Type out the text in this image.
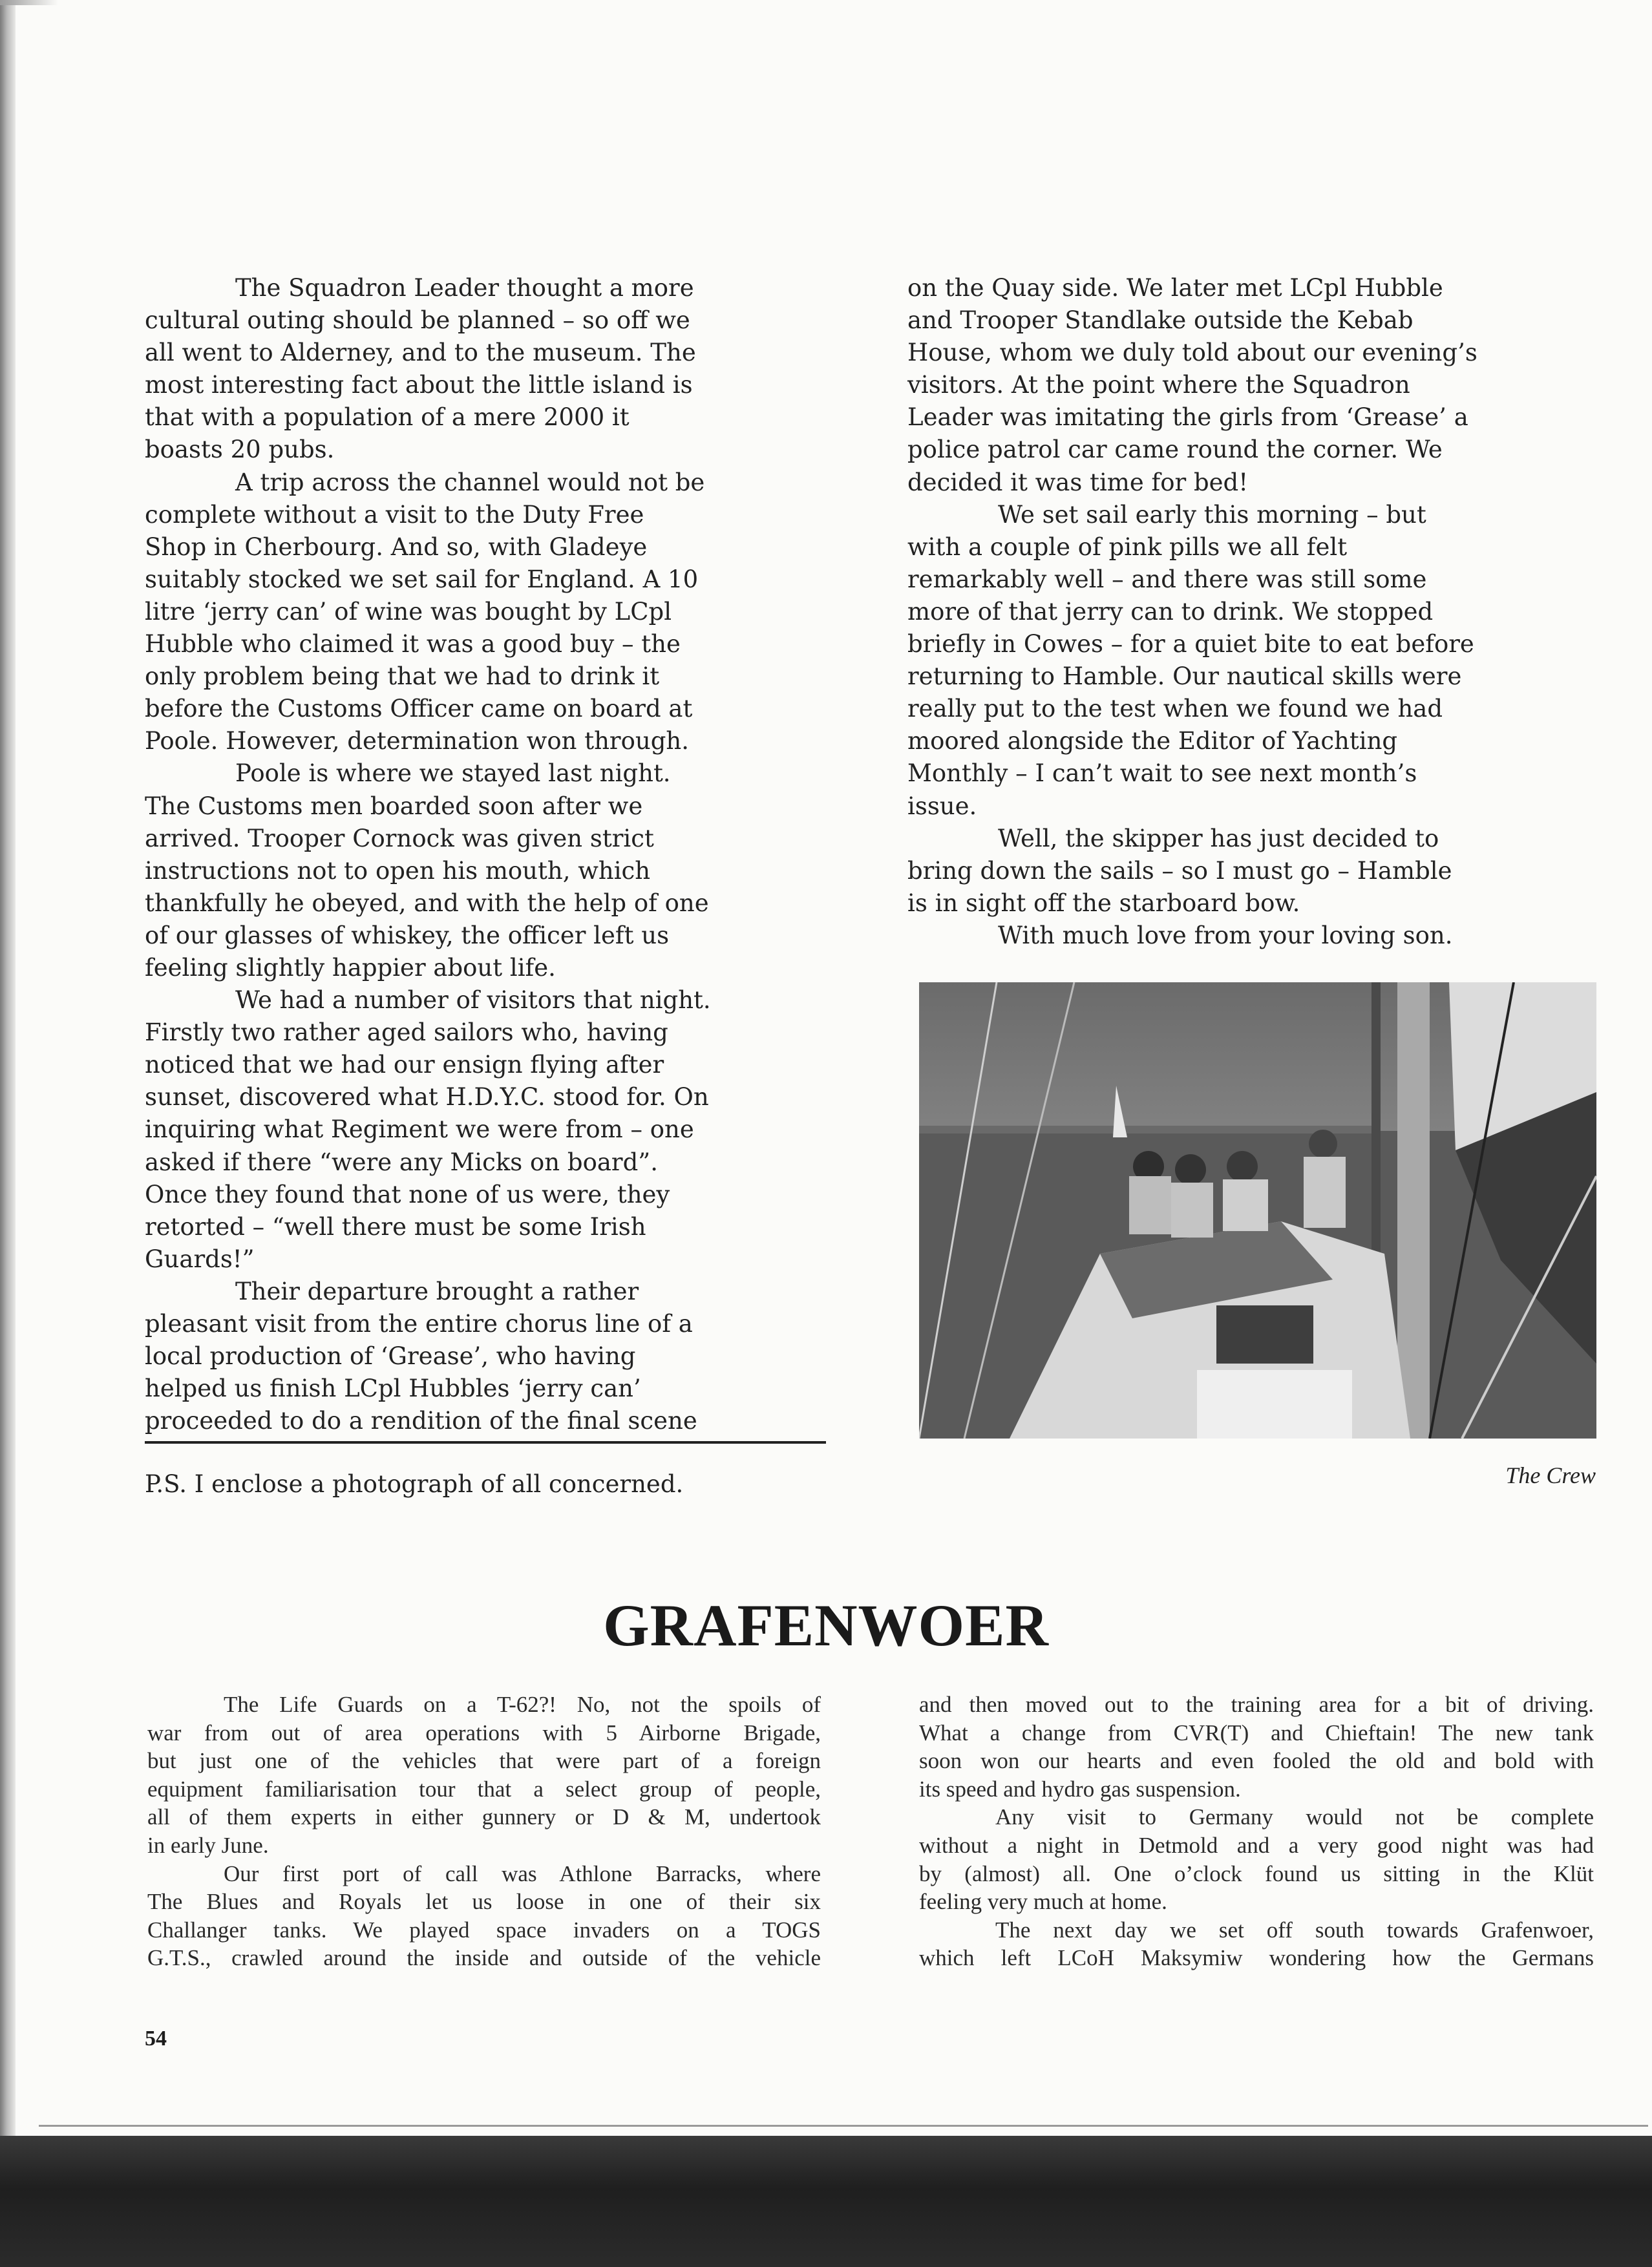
The Squadron Leader thought a more
cultural outing should be planned – so off we
all went to Alderney, and to the museum. The
most interesting fact about the little island is
that with a population of a mere 2000 it
boasts 20 pubs.
A trip across the channel would not be
complete without a visit to the Duty Free
Shop in Cherbourg. And so, with Gladeye
suitably stocked we set sail for England. A 10
litre ‘jerry can’ of wine was bought by LCpl
Hubble who claimed it was a good buy – the
only problem being that we had to drink it
before the Customs Officer came on board at
Poole. However, determination won through.
Poole is where we stayed last night.
The Customs men boarded soon after we
arrived. Trooper Cornock was given strict
instructions not to open his mouth, which
thankfully he obeyed, and with the help of one
of our glasses of whiskey, the officer left us
feeling slightly happier about life.
We had a number of visitors that night.
Firstly two rather aged sailors who, having
noticed that we had our ensign flying after
sunset, discovered what H.D.Y.C. stood for. On
inquiring what Regiment we were from – one
asked if there “were any Micks on board”.
Once they found that none of us were, they
retorted – “well there must be some Irish
Guards!”
Their departure brought a rather
pleasant visit from the entire chorus line of a
local production of ‘Grease’, who having
helped us finish LCpl Hubbles ‘jerry can’
proceeded to do a rendition of the final scene
on the Quay side. We later met LCpl Hubble
and Trooper Standlake outside the Kebab
House, whom we duly told about our evening’s
visitors. At the point where the Squadron
Leader was imitating the girls from ‘Grease’ a
police patrol car came round the corner. We
decided it was time for bed!
We set sail early this morning – but
with a couple of pink pills we all felt
remarkably well – and there was still some
more of that jerry can to drink. We stopped
briefly in Cowes – for a quiet bite to eat before
returning to Hamble. Our nautical skills were
really put to the test when we found we had
moored alongside the Editor of Yachting
Monthly – I can’t wait to see next month’s
issue.
Well, the skipper has just decided to
bring down the sails – so I must go – Hamble
is in sight off the starboard bow.
With much love from your loving son.
P.S. I enclose a photograph of all concerned.	The Crew
GRAFENWOER
The Life Guards on a T-62?! No, not the spoils of
war from out of area operations with 5 Airborne Brigade,
but just one of the vehicles that were part of a foreign
equipment familiarisation tour that a select group of people,
all of them experts in either gunnery or D & M, undertook
in early June.
Our first port of call was Athlone Barracks, where
The Blues and Royals let us loose in one of their six
Challanger tanks. We played space invaders on a TOGS
G.T.S., crawled around the inside and outside of the vehicle
and then moved out to the training area for a bit of driving.
What a change from CVR(T) and Chieftain! The new tank
soon won our hearts and even fooled the old and bold with
its speed and hydro gas suspension.
Any visit to Germany would not be complete
without a night in Detmold and a very good night was had
by (almost) all. One o’clock found us sitting in the Klüt
feeling very much at home.
The next day we set off south towards Grafenwoer,
which left LCoH Maksymiw wondering how the Germans
54
